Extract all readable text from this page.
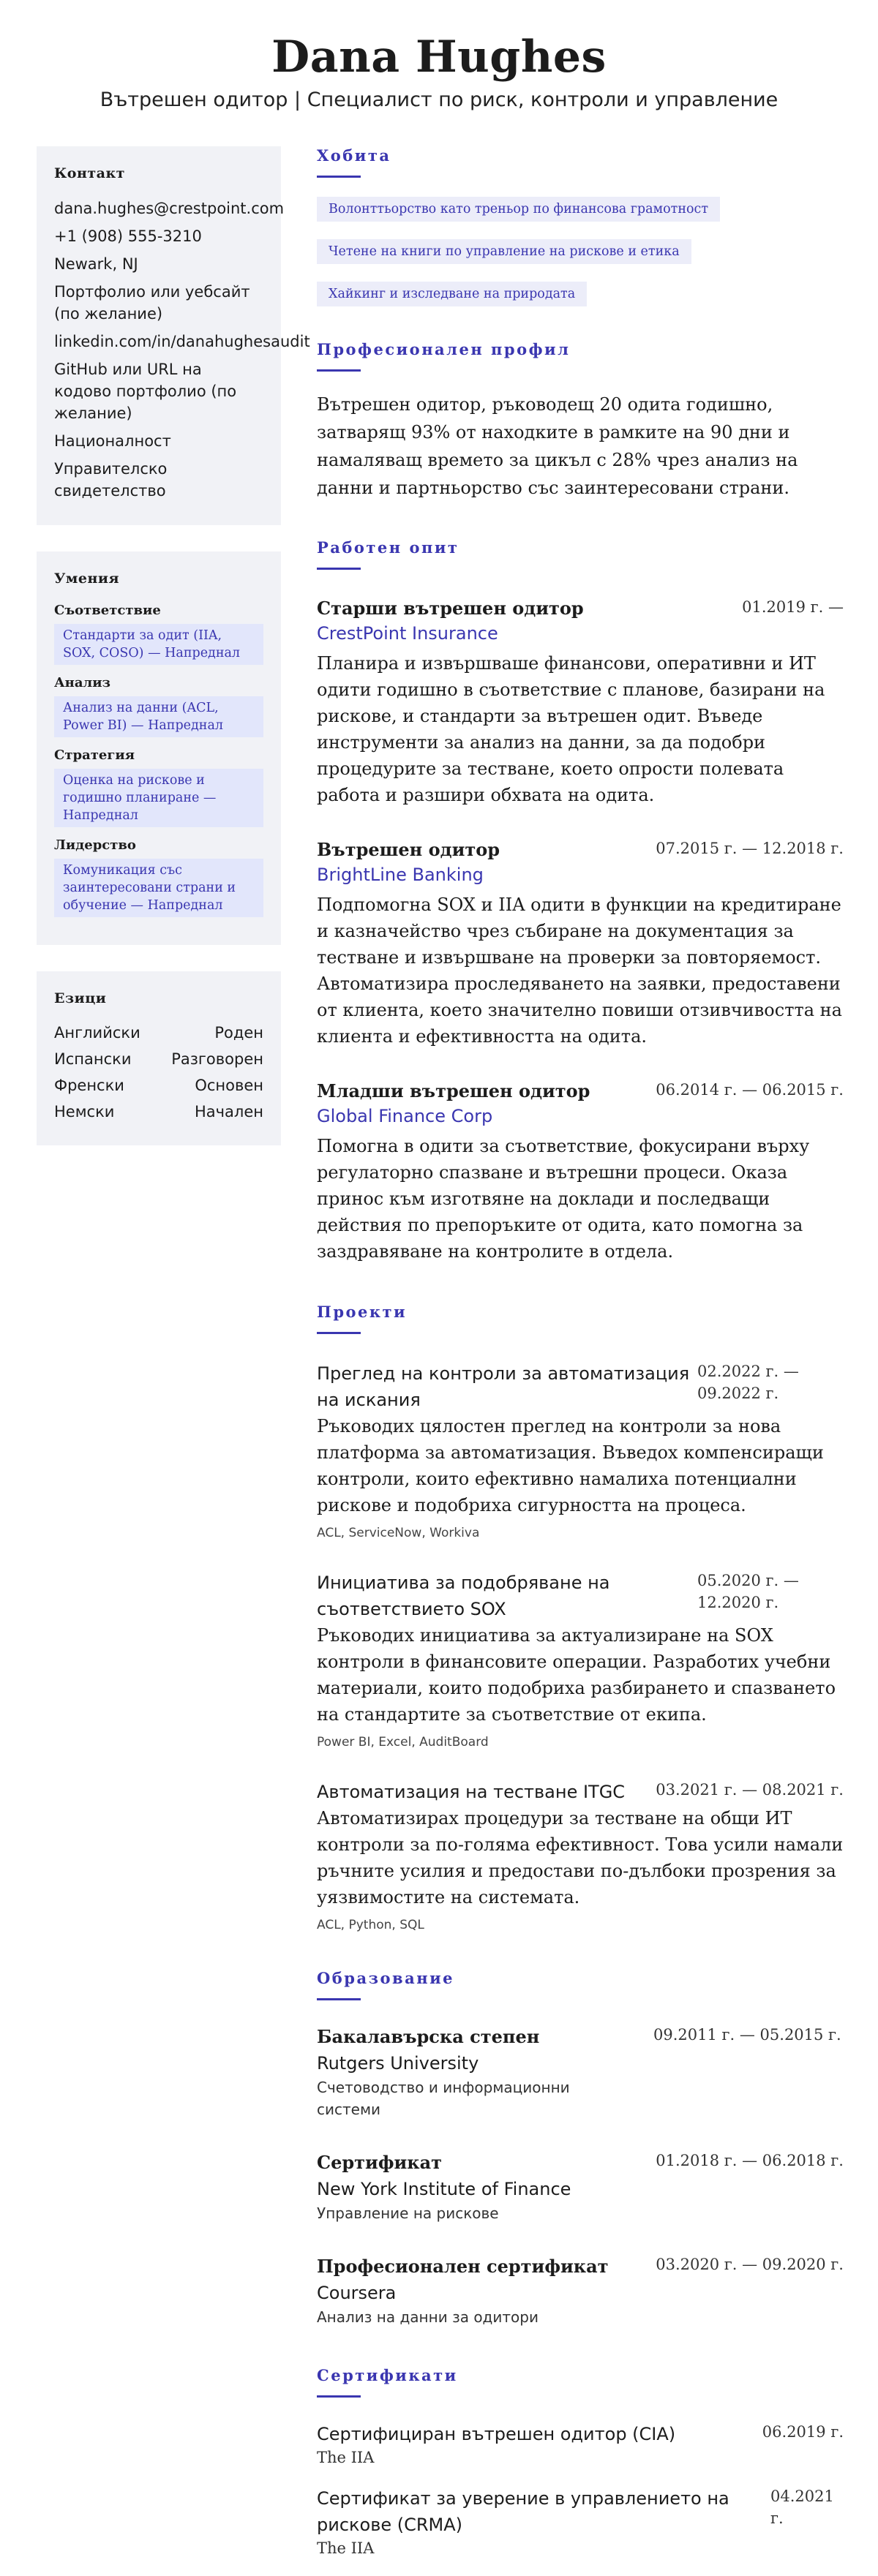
Dana Hughes
Вътрешен одитор | Специалист по риск, контроли и управление
Контакт
dana.hughes@crestpoint.com
+1 (908) 555-3210
Newark, NJ
Портфолио или уебсайт (по желание)
linkedin.com/in/danahughesaudit
GitHub или URL на кодово портфолио (по желание)
Националност
Управителско свидетелство
Умения
Съответствие
Стандарти за одит (IIA, SOX, COSO) — Напреднал
Анализ
Анализ на данни (ACL, Power BI) — Напреднал
Стратегия
Оценка на рискове и годишно планиране — Напреднал
Лидерство
Комуникация със заинтересовани страни и обучение — Напреднал
Езици
Английски	Роден
Испански	Разговорен
Френски	Основен
Немски	Начален
Хобита
Волонттьорство като треньор по финансова грамотност
Четене на книги по управление на рискове и етика
Хайкинг и изследване на природата
Професионален профил
Вътрешен одитор, ръководещ 20 одита годишно, затварящ 93% от находките в рамките на 90 дни и намаляващ времето за цикъл с 28% чрез анализ на данни и партньорство със заинтересовани страни.
Работен опит
Старши вътрешен одитор	01.2019 г. —
CrestPoint Insurance
Планира и извършваше финансови, оперативни и ИТ одити годишно в съответствие с планове, базирани на рискове, и стандарти за вътрешен одит. Въведе инструменти за анализ на данни, за да подобри процедурите за тестване, което опрости полевата работа и разшири обхвата на одита.
Вътрешен одитор	07.2015 г. — 12.2018 г.
BrightLine Banking
Подпомогна SOX и IIA одити в функции на кредитиране и казначейство чрез събиране на документация за тестване и извършване на проверки за повторяемост. Автоматизира проследяването на заявки, предоставени от клиента, което значително повиши отзивчивостта на клиента и ефективността на одита.
Младши вътрешен одитор	06.2014 г. — 06.2015 г.
Global Finance Corp
Помогна в одити за съответствие, фокусирани върху регулаторно спазване и вътрешни процеси. Оказа принос към изготвяне на доклади и последващи действия по препоръките от одита, като помогна за заздравяване на контролите в отдела.
Проекти
Преглед на контроли за автоматизация на искания
02.2022 г. — 09.2022 г.
Ръководих цялостен преглед на контроли за нова платформа за автоматизация. Въведох компенсиращи контроли, които ефективно намалиха потенциални рискове и подобриха сигурността на процеса.
ACL, ServiceNow, Workiva
Инициатива за подобряване на съответствието SOX
05.2020 г. — 12.2020 г.
Ръководих инициатива за актуализиране на SOX контроли в финансовите операции. Разработих учебни материали, които подобриха разбирането и спазването на стандартите за съответствие от екипа.
Power BI, Excel, AuditBoard
Автоматизация на тестване ITGC	03.2021 г. — 08.2021 г.
Автоматизирах процедури за тестване на общи ИТ контроли за по-голяма ефективност. Това усили намали ръчните усилия и предостави по-дълбоки прозрения за уязвимостите на системата.
ACL, Python, SQL
Образование
Бакалавърска степен
Rutgers University
Счетоводство и информационни системи
09.2011 г. — 05.2015 г.
Сертификат
New York Institute of Finance
Управление на рискове
01.2018 г. — 06.2018 г.
Професионален сертификат
Coursera
Анализ на данни за одитори
03.2020 г. — 09.2020 г.
Сертификати
Сертифициран вътрешен одитор (CIA)	06.2019 г.
The IIA
Сертификат за уверение в управлението на рискове (CRMA)
04.2021 г.
The IIA
